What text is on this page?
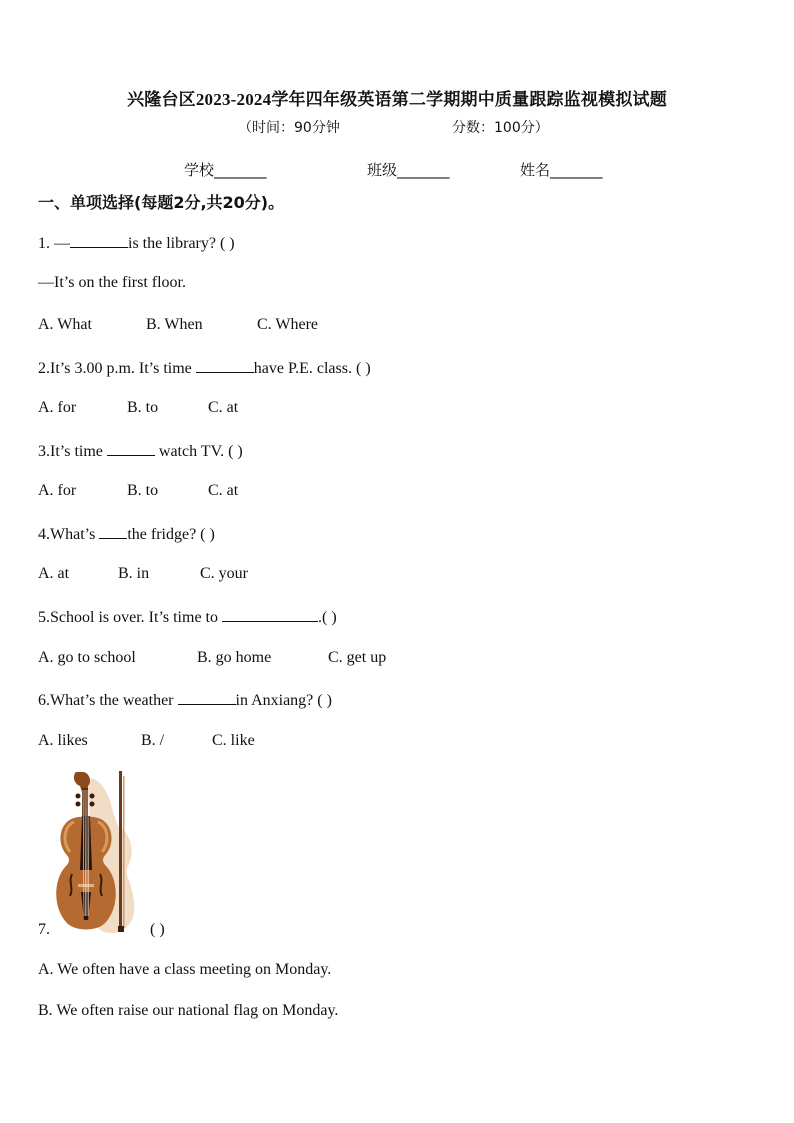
兴隆台区2023-2024学年四年级英语第二学期期中质量跟踪监视模拟试题
（时间：90分钟	分数：100分）
学校_______	班级_______	姓名_______
一、单项选择(每题2分,共20分)。
1. —	is the library? ( )
—It’s on the first floor.
A. What	B. When	C. Where
2.It’s 3.00 p.m. It’s time	have P.E. class. ( )
A. for	B. to	C. at
3.It’s time	watch TV. ( )
A. for	B. to	C. at
4.What’s the fridge? ( )
A. at	B. in	C. your
5.School is over. It’s time to	.( )
A. go to school	B. go home	C. get up
6.What’s the weather	in Anxiang? ( )
A. likes	B. /	C. like
7.	( )
A. We often have a class meeting on Monday.
B. We often raise our national flag on Monday.
